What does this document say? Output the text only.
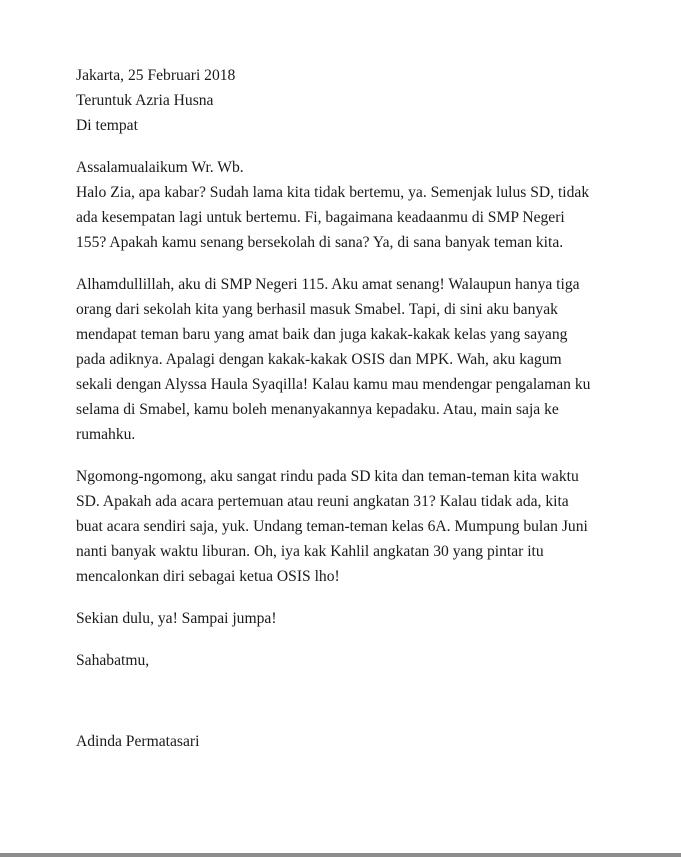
Jakarta, 25 Februari 2018
Teruntuk Azria Husna
Di tempat
Assalamualaikum Wr. Wb.
Halo Zia, apa kabar? Sudah lama kita tidak bertemu, ya. Semenjak lulus SD, tidak
ada kesempatan lagi untuk bertemu. Fi, bagaimana keadaanmu di SMP Negeri
155? Apakah kamu senang bersekolah di sana? Ya, di sana banyak teman kita.
Alhamdullillah, aku di SMP Negeri 115. Aku amat senang! Walaupun hanya tiga
orang dari sekolah kita yang berhasil masuk Smabel. Tapi, di sini aku banyak
mendapat teman baru yang amat baik dan juga kakak-kakak kelas yang sayang
pada adiknya. Apalagi dengan kakak-kakak OSIS dan MPK. Wah, aku kagum
sekali dengan Alyssa Haula Syaqilla! Kalau kamu mau mendengar pengalaman ku
selama di Smabel, kamu boleh menanyakannya kepadaku. Atau, main saja ke
rumahku.
Ngomong-ngomong, aku sangat rindu pada SD kita dan teman-teman kita waktu
SD. Apakah ada acara pertemuan atau reuni angkatan 31? Kalau tidak ada, kita
buat acara sendiri saja, yuk. Undang teman-teman kelas 6A. Mumpung bulan Juni
nanti banyak waktu liburan. Oh, iya kak Kahlil angkatan 30 yang pintar itu
mencalonkan diri sebagai ketua OSIS lho!
Sekian dulu, ya! Sampai jumpa!
Sahabatmu,
Adinda Permatasari
